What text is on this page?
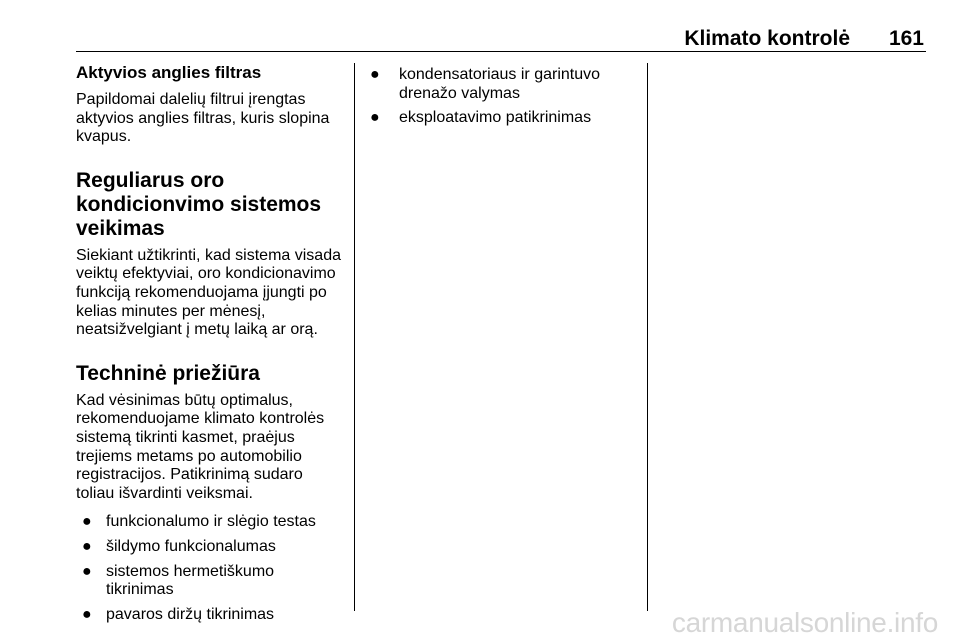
Klimato kontrolė 161
Aktyvios anglies filtras

Papildomai dalelių filtrui įrengtas
aktyvios anglies filtras, kuris slopina
kvapus.

Reguliarus oro
kondicionvimo sistemos
veikimas

Siekiant užtikrinti, kad sistema visada
veiktų efektyviai, oro kondicionavimo
funkciją rekomenduojama įjungti po
kelias minutes per mėnesį,
neatsižvelgiant į metų laiką ar orą.

Techninė priežiūra

Kad vėsinimas būtų optimalus,
rekomenduojame klimato kontrolės
sistemą tikrinti kasmet, praėjus
trejiems metams po automobilio
registracijos. Patikrinimą sudaro
toliau išvardinti veiksmai.

● funkcionalumo ir slėgio testas
● šildymo funkcionalumas
● sistemos hermetiškumo
tikrinimas
● pavaros diržų tikrinimas
● kondensatoriaus ir garintuvo
drenažo valymas
● eksploatavimo patikrinimas
carmanualsonline.info
